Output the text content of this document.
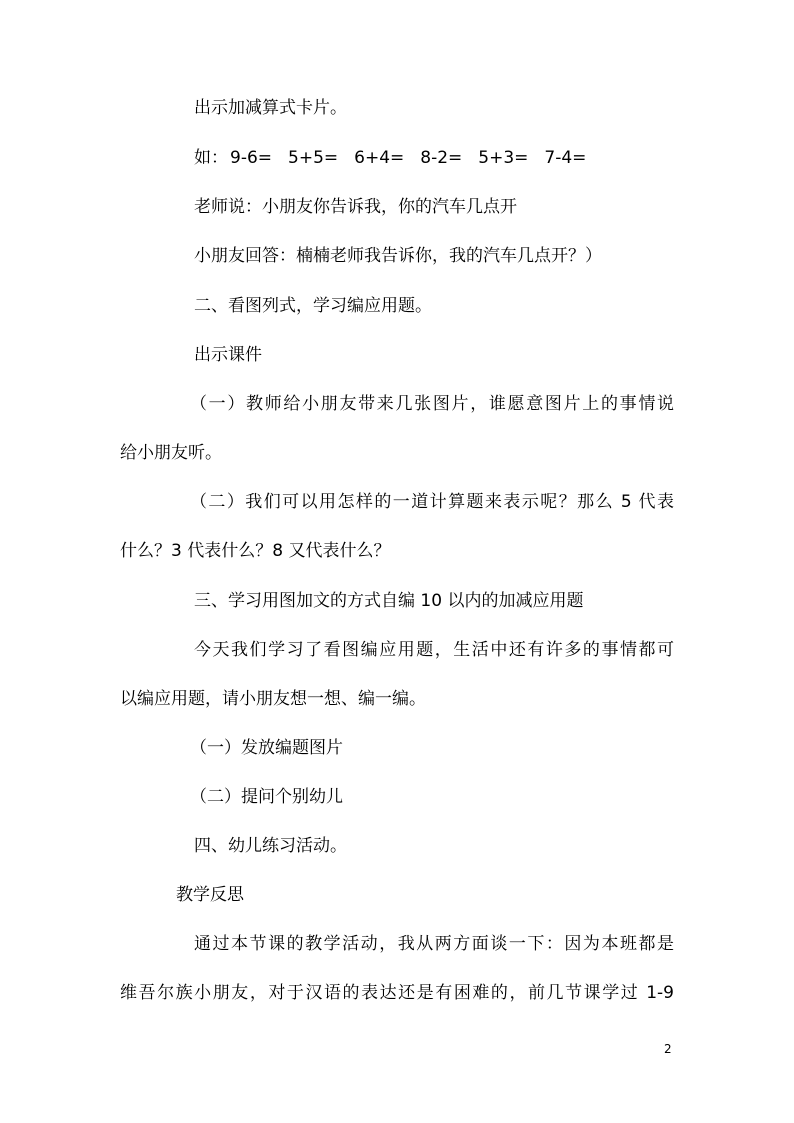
出示加减算式卡片。
如： 9-6= 5+5= 6+4= 8-2= 5+3= 7-4=
老师说：小朋友你告诉我，你的汽车几点开
小朋友回答：楠楠老师我告诉你，我的汽车几点开？）
二、看图列式，学习编应用题。
出示课件
（一）教师给小朋友带来几张图片，谁愿意图片上的事情说
给小朋友听。
（二）我们可以用怎样的一道计算题来表示呢？那么 5 代表
什么？3 代表什么？8 又代表什么？
三、学习用图加文的方式自编 10 以内的加减应用题
今天我们学习了看图编应用题，生活中还有许多的事情都可
以编应用题，请小朋友想一想、编一编。
（一）发放编题图片
（二）提问个别幼儿
四、幼儿练习活动。
教学反思
通过本节课的教学活动，我从两方面谈一下：因为本班都是
维吾尔族小朋友，对于汉语的表达还是有困难的，前几节课学过 1-9
2
